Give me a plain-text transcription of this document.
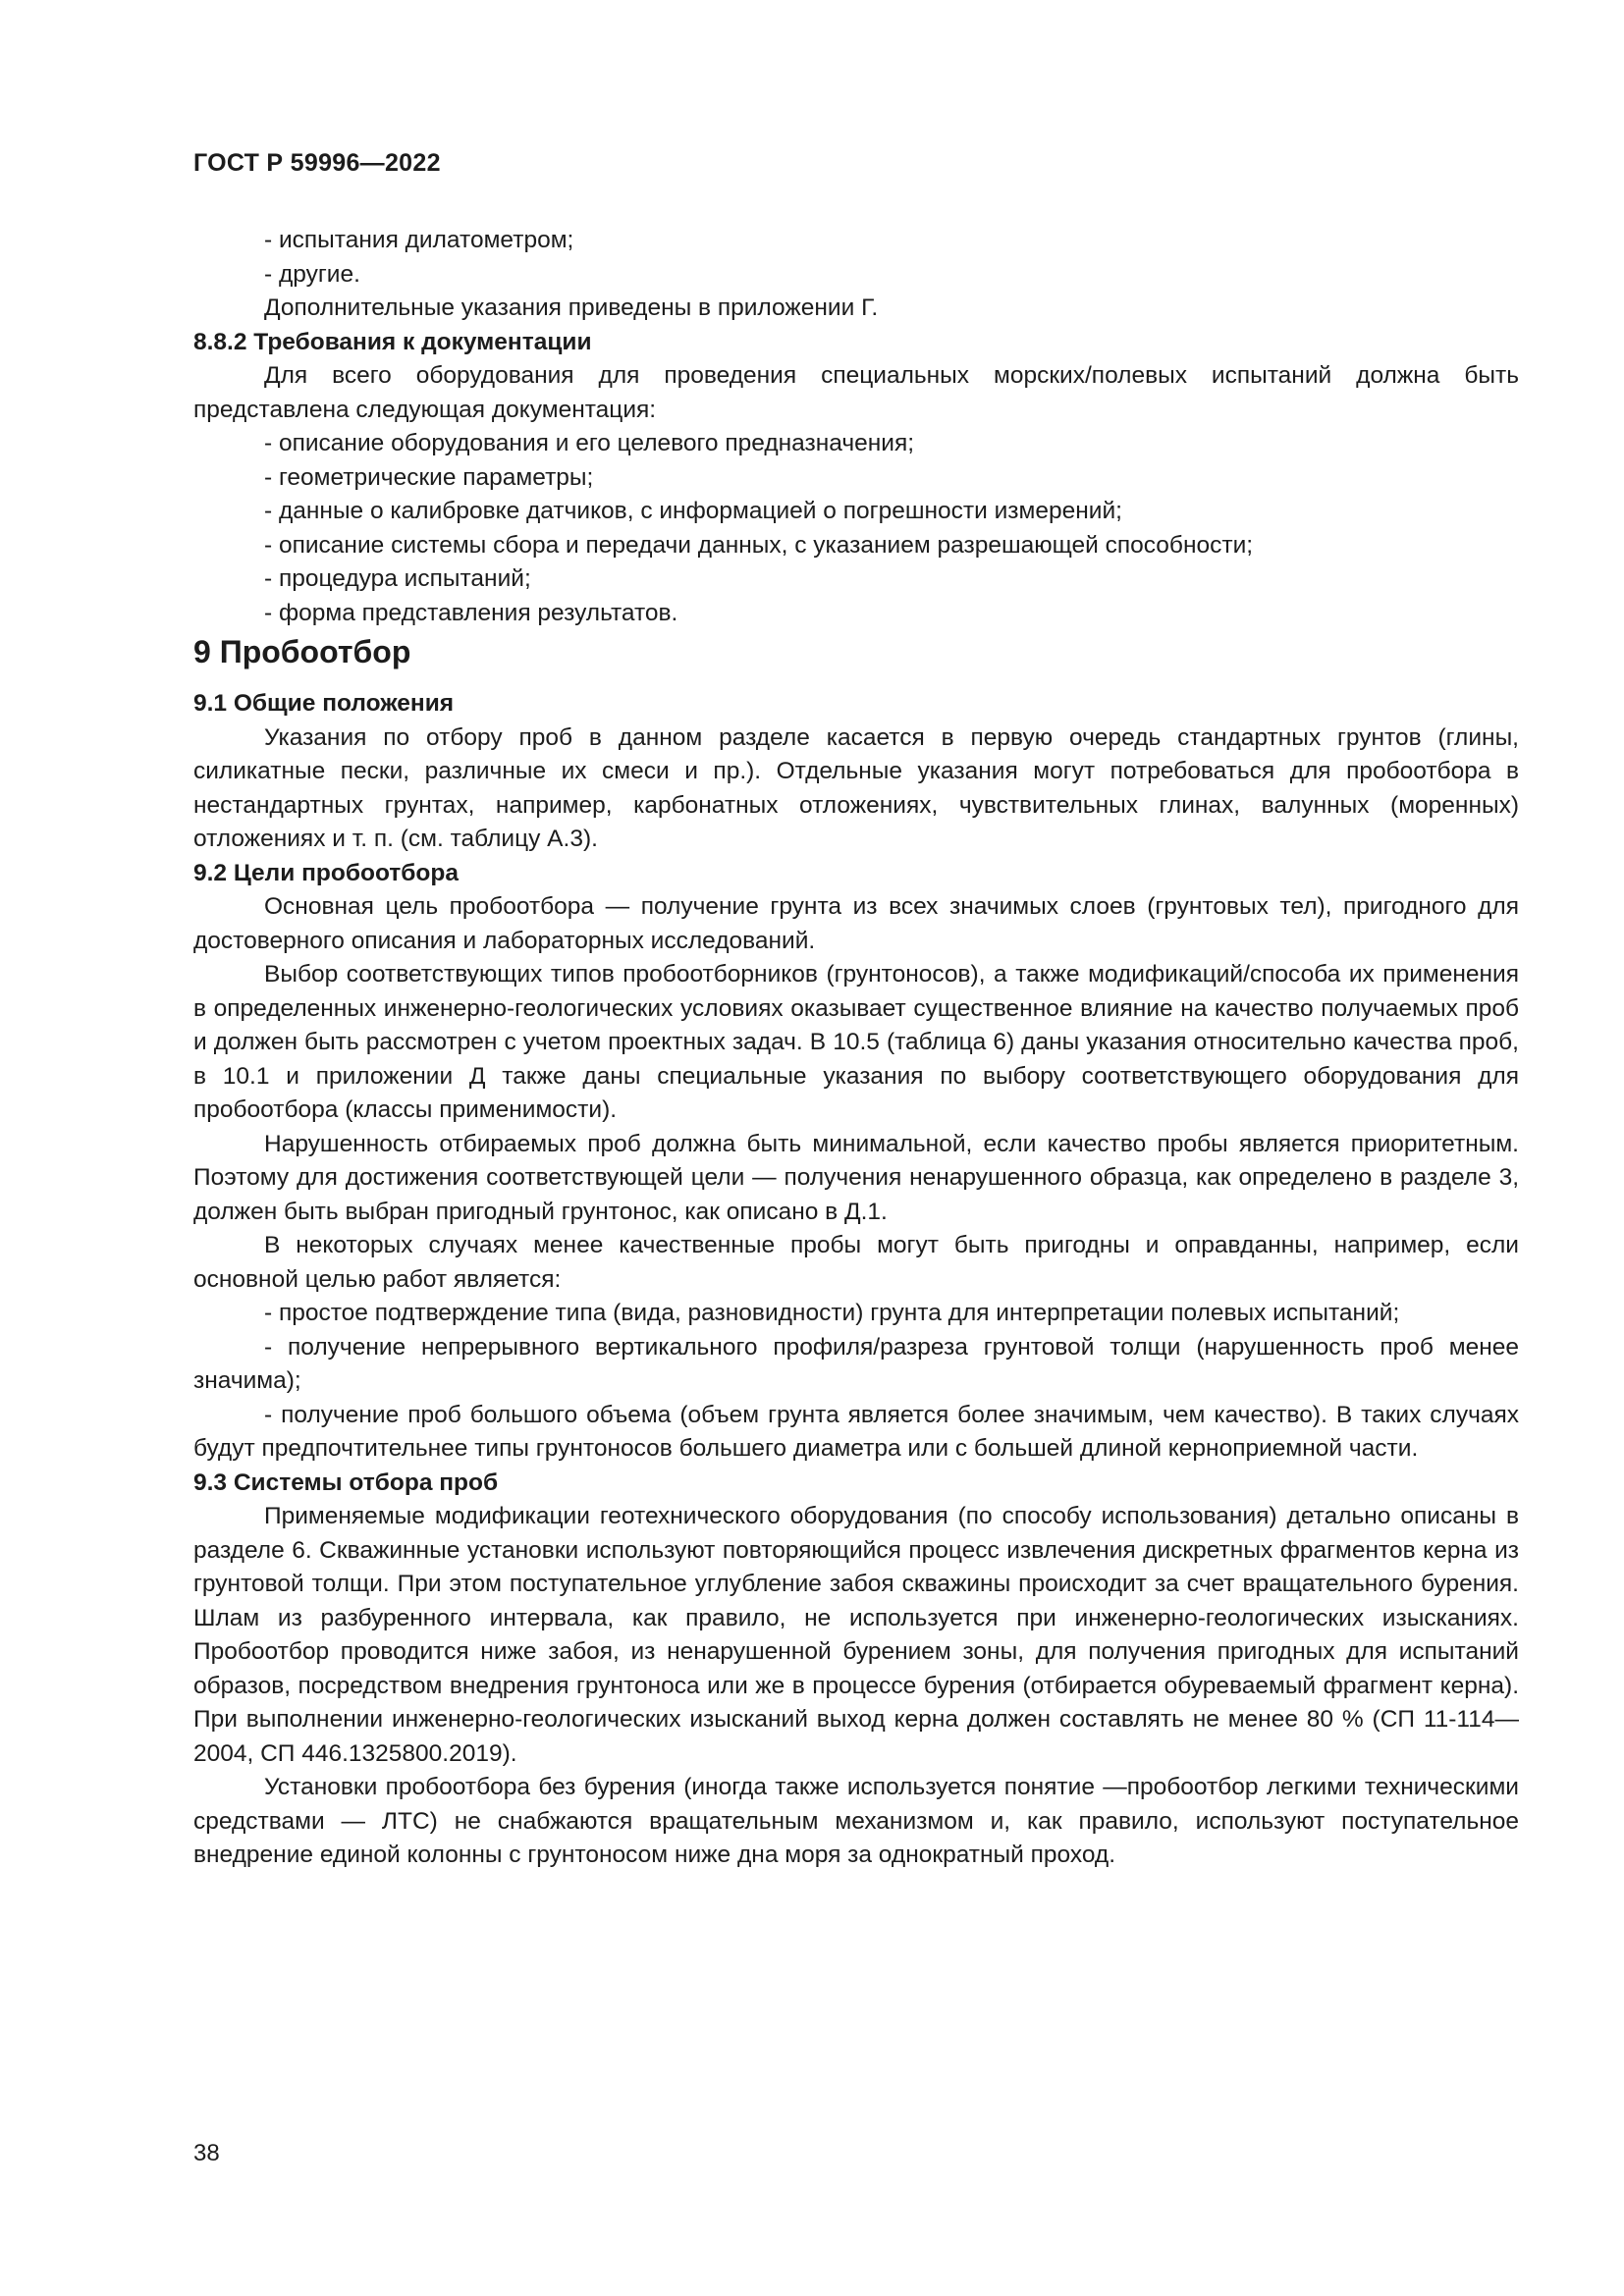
ГОСТ Р 59996—2022

- испытания дилатометром;

- другие.

Дополнительные указания приведены в приложении Г.

8.8.2 Требования к документации

Для всего оборудования для проведения специальных морских/полевых испытаний должна быть представлена следующая документация:

- описание оборудования и его целевого предназначения;

- геометрические параметры;

- данные о калибровке датчиков, с информацией о погрешности измерений;

- описание системы сбора и передачи данных, с указанием разрешающей способности;

- процедура испытаний;

- форма представления результатов.

9 Пробоотбор

9.1 Общие положения

Указания по отбору проб в данном разделе касается в первую очередь стандартных грунтов (глины, силикатные пески, различные их смеси и пр.). Отдельные указания могут потребоваться для пробоотбора в нестандартных грунтах, например, карбонатных отложениях, чувствительных глинах, валунных (моренных) отложениях и т. п. (см. таблицу А.3).

9.2 Цели пробоотбора

Основная цель пробоотбора — получение грунта из всех значимых слоев (грунтовых тел), пригодного для достоверного описания и лабораторных исследований.

Выбор соответствующих типов пробоотборников (грунтоносов), а также модификаций/способа их применения в определенных инженерно-геологических условиях оказывает существенное влияние на качество получаемых проб и должен быть рассмотрен с учетом проектных задач. В 10.5 (таблица 6) даны указания относительно качества проб, в 10.1 и приложении Д также даны специальные указания по выбору соответствующего оборудования для пробоотбора (классы применимости).

Нарушенность отбираемых проб должна быть минимальной, если качество пробы является приоритетным. Поэтому для достижения соответствующей цели — получения ненарушенного образца, как определено в разделе 3, должен быть выбран пригодный грунтонос, как описано в Д.1.

В некоторых случаях менее качественные пробы могут быть пригодны и оправданны, например, если основной целью работ является:

- простое подтверждение типа (вида, разновидности) грунта для интерпретации полевых испытаний;

- получение непрерывного вертикального профиля/разреза грунтовой толщи (нарушенность проб менее значима);

- получение проб большого объема (объем грунта является более значимым, чем качество). В таких случаях будут предпочтительнее типы грунтоносов большего диаметра или с большей длиной керноприемной части.

9.3 Системы отбора проб

Применяемые модификации геотехнического оборудования (по способу использования) детально описаны в разделе 6. Скважинные установки используют повторяющийся процесс извлечения дискретных фрагментов керна из грунтовой толщи. При этом поступательное углубление забоя скважины происходит за счет вращательного бурения. Шлам из разбуренного интервала, как правило, не используется при инженерно-геологических изысканиях. Пробоотбор проводится ниже забоя, из ненарушенной бурением зоны, для получения пригодных для испытаний образов, посредством внедрения грунтоноса или же в процессе бурения (отбирается обуреваемый фрагмент керна). При выполнении инженерно-геологических изысканий выход керна должен составлять не менее 80 % (СП 11-114—2004, СП 446.1325800.2019).

Установки пробоотбора без бурения (иногда также используется понятие —пробоотбор легкими техническими средствами — ЛТС) не снабжаются вращательным механизмом и, как правило, используют поступательное внедрение единой колонны с грунтоносом ниже дна моря за однократный проход.

38
